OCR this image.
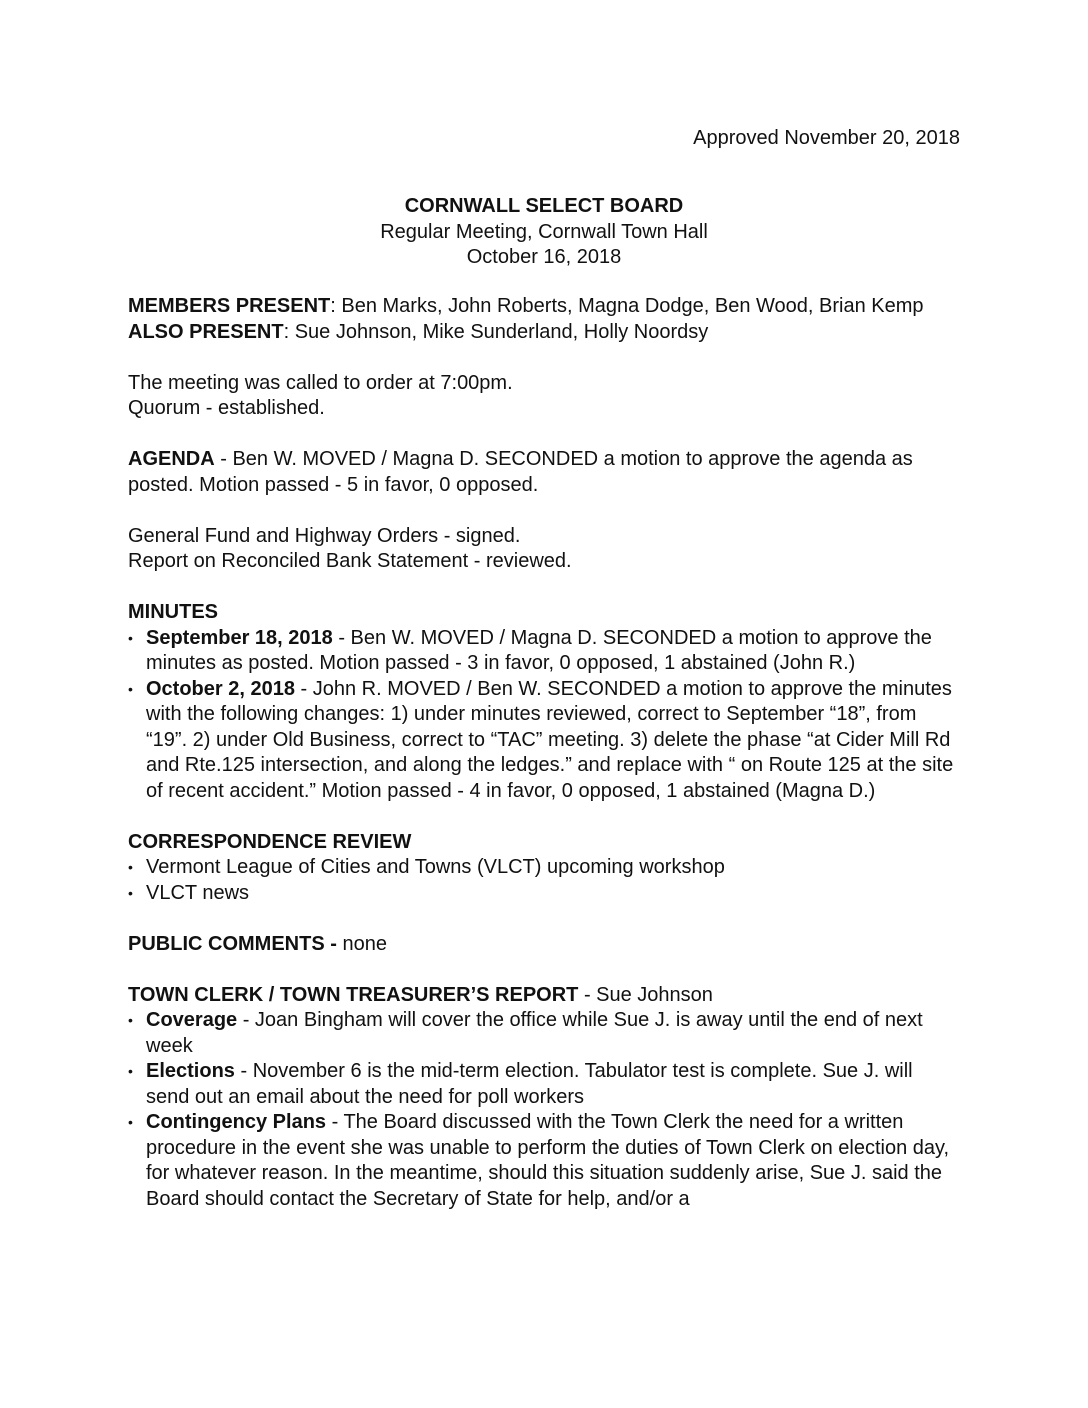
Approved November 20, 2018

CORNWALL SELECT BOARD

Regular Meeting, Cornwall Town Hall

October 16, 2018

MEMBERS PRESENT: Ben Marks, John Roberts, Magna Dodge, Ben Wood, Brian Kemp

ALSO PRESENT: Sue Johnson, Mike Sunderland, Holly Noordsy

The meeting was called to order at 7:00pm.

Quorum - established.

AGENDA - Ben W. MOVED / Magna D. SECONDED a motion to approve the agenda as posted. Motion passed - 5 in favor, 0 opposed.

General Fund and Highway Orders - signed.

Report on Reconciled Bank Statement - reviewed.

MINUTES

• September 18, 2018 - Ben W. MOVED / Magna D. SECONDED a motion to approve the minutes as posted. Motion passed - 3 in favor, 0 opposed, 1 abstained (John R.)
• October 2, 2018 - John R. MOVED / Ben W. SECONDED a motion to approve the minutes with the following changes: 1) under minutes reviewed, correct to September “18”, from “19”. 2) under Old Business, correct to “TAC” meeting. 3) delete the phase “at Cider Mill Rd and Rte.125 intersection, and along the ledges.” and replace with “ on Route 125 at the site of recent accident.” Motion passed - 4 in favor, 0 opposed, 1 abstained (Magna D.)

CORRESPONDENCE REVIEW

• Vermont League of Cities and Towns (VLCT) upcoming workshop
• VLCT news

PUBLIC COMMENTS - none

TOWN CLERK / TOWN TREASURER’S REPORT - Sue Johnson

• Coverage - Joan Bingham will cover the office while Sue J. is away until the end of next week
• Elections - November 6 is the mid-term election. Tabulator test is complete. Sue J. will send out an email about the need for poll workers
• Contingency Plans - The Board discussed with the Town Clerk the need for a written procedure in the event she was unable to perform the duties of Town Clerk on election day, for whatever reason. In the meantime, should this situation suddenly arise, Sue J. said the Board should contact the Secretary of State for help, and/or a
